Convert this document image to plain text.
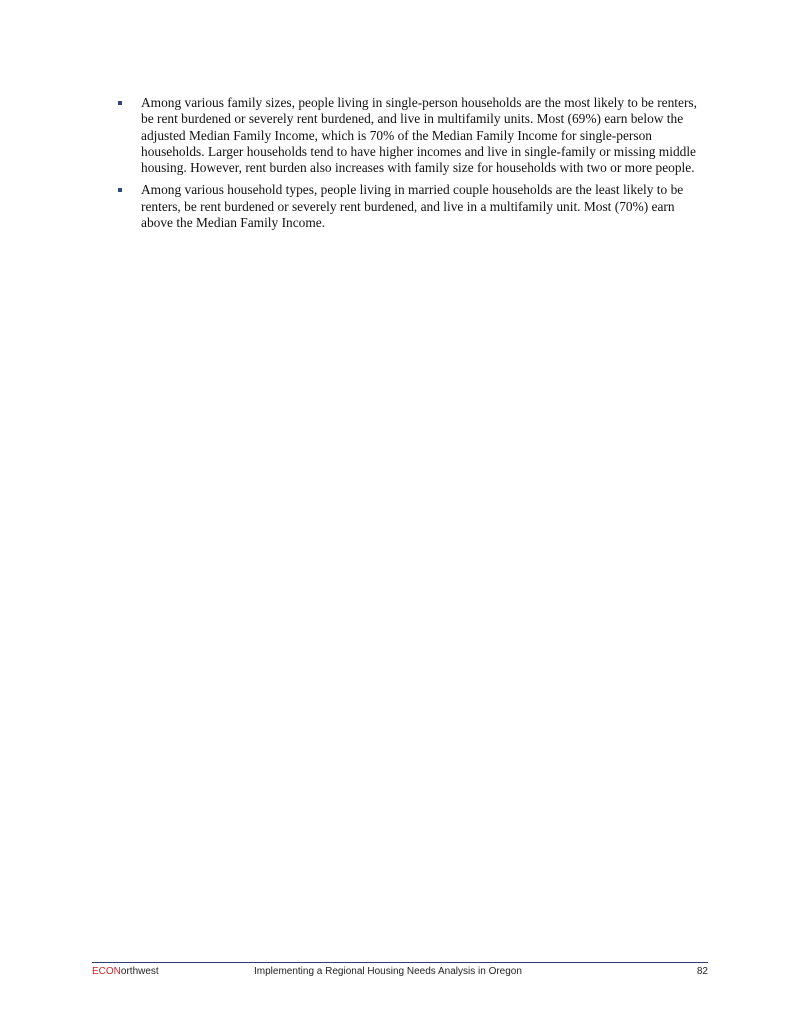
Among various family sizes, people living in single-person households are the most likely to be renters, be rent burdened or severely rent burdened, and live in multifamily units. Most (69%) earn below the adjusted Median Family Income, which is 70% of the Median Family Income for single-person households. Larger households tend to have higher incomes and live in single-family or missing middle housing. However, rent burden also increases with family size for households with two or more people.
Among various household types, people living in married couple households are the least likely to be renters, be rent burdened or severely rent burdened, and live in a multifamily unit. Most (70%) earn above the Median Family Income.
ECONorthwest	Implementing a Regional Housing Needs Analysis in Oregon	82
